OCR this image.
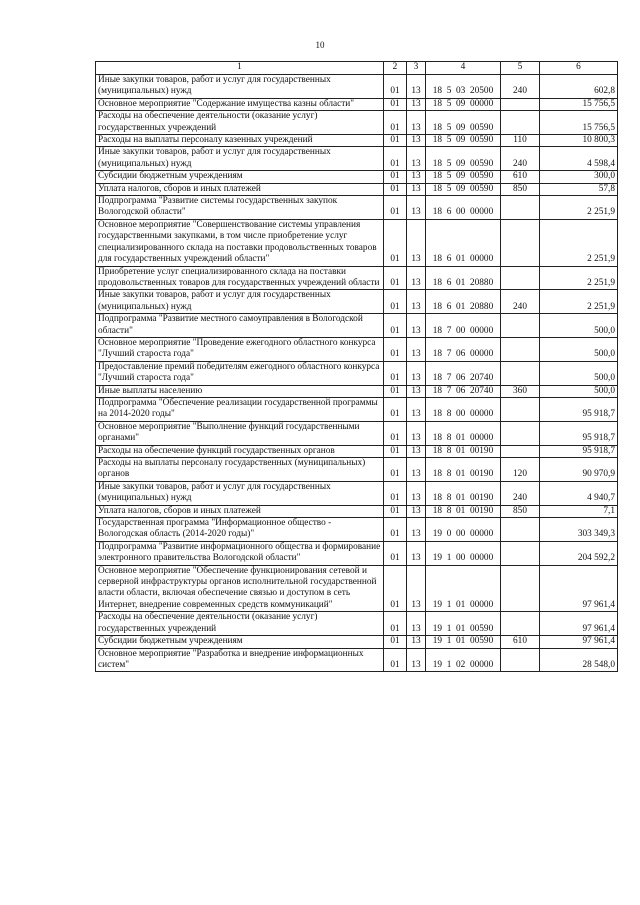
10
1	2	3	4	5	6
Иные закупки товаров, работ и услуг для государственных (муниципальных) нужд	01	13	18  5  03  20500	240	602,8
Основное мероприятие "Содержание имущества казны области"	01	13	18  5  09  00000		15 756,5
Расходы на обеспечение деятельности (оказание услуг) государственных учреждений	01	13	18  5  09  00590		15 756,5
Расходы на выплаты персоналу казенных учреждений	01	13	18  5  09  00590	110	10 800,3
Иные закупки товаров, работ и услуг для государственных (муниципальных) нужд	01	13	18  5  09  00590	240	4 598,4
Субсидии бюджетным учреждениям	01	13	18  5  09  00590	610	300,0
Уплата налогов, сборов и иных платежей	01	13	18  5  09  00590	850	57,8
Подпрограмма "Развитие системы государственных закупок Вологодской области"	01	13	18  6  00  00000		2 251,9
Основное мероприятие "Совершенствование системы управления государственными закупками, в том числе приобретение услуг специализированного склада на поставки продовольственных товаров для государственных учреждений области"	01	13	18  6  01  00000		2 251,9
Приобретение услуг специализированного склада на поставки продовольственных товаров для государственных учреждений области	01	13	18  6  01  20880		2 251,9
Иные закупки товаров, работ и услуг для государственных (муниципальных) нужд	01	13	18  6  01  20880	240	2 251,9
Подпрограмма "Развитие местного самоуправления в Вологодской области"	01	13	18  7  00  00000		500,0
Основное мероприятие "Проведение ежегодного областного конкурса "Лучший староста года"	01	13	18  7  06  00000		500,0
Предоставление премий победителям ежегодного областного конкурса "Лучший староста года"	01	13	18  7  06  20740		500,0
Иные выплаты населению	01	13	18  7  06  20740	360	500,0
Подпрограмма "Обеспечение реализации государственной программы на 2014-2020 годы"	01	13	18  8  00  00000		95 918,7
Основное мероприятие "Выполнение функций государственными органами"	01	13	18  8  01  00000		95 918,7
Расходы на обеспечение функций государственных органов	01	13	18  8  01  00190		95 918,7
Расходы на выплаты персоналу государственных (муниципальных) органов	01	13	18  8  01  00190	120	90 970,9
Иные закупки товаров, работ и услуг для государственных (муниципальных) нужд	01	13	18  8  01  00190	240	4 940,7
Уплата налогов, сборов и иных платежей	01	13	18  8  01  00190	850	7,1
Государственная программа "Информационное общество - Вологодская область (2014-2020 годы)"	01	13	19  0  00  00000		303 349,3
Подпрограмма "Развитие информационного общества и формирование электронного правительства Вологодской области"	01	13	19  1  00  00000		204 592,2
Основное мероприятие "Обеспечение функционирования сетевой и серверной инфраструктуры органов исполнительной государственной власти области, включая обеспечение связью и доступом в сеть Интернет, внедрение современных средств коммуникаций"	01	13	19  1  01  00000		97 961,4
Расходы на обеспечение деятельности (оказание услуг) государственных учреждений	01	13	19  1  01  00590		97 961,4
Субсидии бюджетным учреждениям	01	13	19  1  01  00590	610	97 961,4
Основное мероприятие "Разработка и внедрение информационных систем"	01	13	19  1  02  00000		28 548,0
